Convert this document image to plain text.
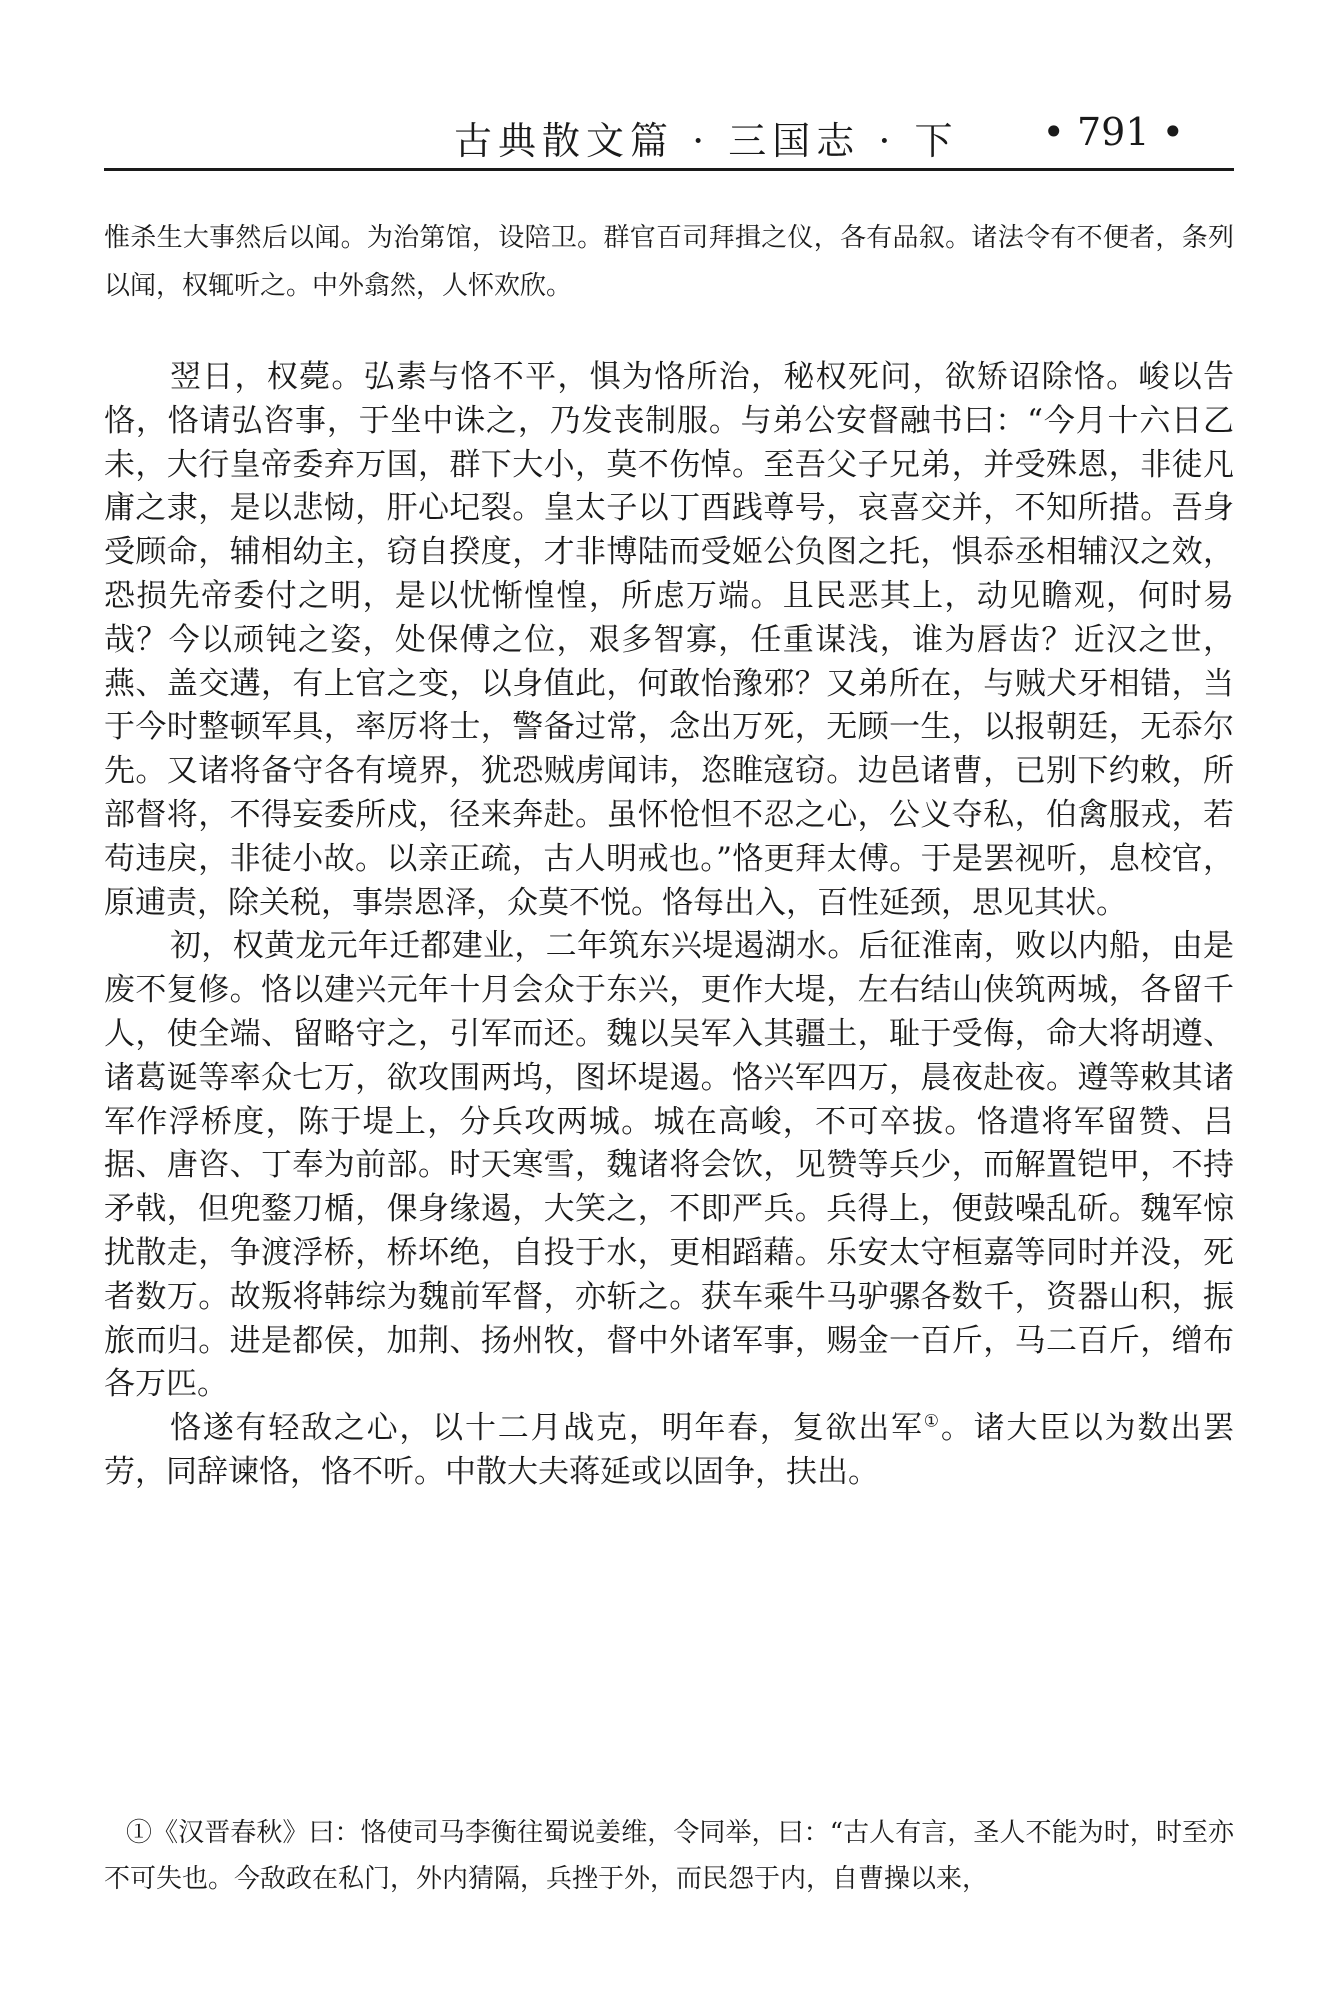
古典散文篇 · 三国志 · 下 • 791 •
惟杀生大事然后以闻。为治第馆，设陪卫。群官百司拜揖之仪，各有品叙。诸法令有不便者，条列以闻，权辄听之。中外翕然，人怀欢欣。

翌日，权薨。弘素与恪不平，惧为恪所治，秘权死问，欲矫诏除恪。峻以告恪，恪请弘咨事，于坐中诛之，乃发丧制服。与弟公安督融书曰：“今月十六日乙未，大行皇帝委弃万国，群下大小，莫不伤悼。至吾父子兄弟，并受殊恩，非徒凡庸之隶，是以悲恸，肝心圮裂。皇太子以丁酉践尊号，哀喜交并，不知所措。吾身受顾命，辅相幼主，窃自揆度，才非博陆而受姬公负图之托，惧忝丞相辅汉之效，恐损先帝委付之明，是以忧惭惶惶，所虑万端。且民恶其上，动见瞻观，何时易哉？今以顽钝之姿，处保傅之位，艰多智寡，任重谋浅，谁为唇齿？近汉之世，燕、盖交遘，有上官之变，以身值此，何敢怡豫邪？又弟所在，与贼犬牙相错，当于今时整顿军具，率厉将士，警备过常，念出万死，无顾一生，以报朝廷，无忝尔先。又诸将备守各有境界，犹恐贼虏闻讳，恣睢寇窃。边邑诸曹，已别下约敕，所部督将，不得妄委所戍，径来奔赴。虽怀怆怛不忍之心，公义夺私，伯禽服戎，若苟违戾，非徒小故。以亲正疏，古人明戒也。”恪更拜太傅。于是罢视听，息校官，原逋责，除关税，事崇恩泽，众莫不悦。恪每出入，百性延颈，思见其状。

初，权黄龙元年迁都建业，二年筑东兴堤遏湖水。后征淮南，败以内船，由是废不复修。恪以建兴元年十月会众于东兴，更作大堤，左右结山侠筑两城，各留千人，使全端、留略守之，引军而还。魏以吴军入其疆土，耻于受侮，命大将胡遵、诸葛诞等率众七万，欲攻围两坞，图坏堤遏。恪兴军四万，晨夜赴夜。遵等敕其诸军作浮桥度，陈于堤上，分兵攻两城。城在高峻，不可卒拔。恪遣将军留赞、吕据、唐咨、丁奉为前部。时天寒雪，魏诸将会饮，见赞等兵少，而解置铠甲，不持矛戟，但兜鍪刀楯，倮身缘遏，大笑之，不即严兵。兵得上，便鼓噪乱斫。魏军惊扰散走，争渡浮桥，桥坏绝，自投于水，更相蹈藉。乐安太守桓嘉等同时并没，死者数万。故叛将韩综为魏前军督，亦斩之。获车乘牛马驴骡各数千，资器山积，振旅而归。进是都侯，加荆、扬州牧，督中外诸军事，赐金一百斤，马二百斤，缯布各万匹。

恪遂有轻敌之心，以十二月战克，明年春，复欲出军①。诸大臣以为数出罢劳，同辞谏恪，恪不听。中散大夫蒋延或以固争，扶出。

①《汉晋春秋》曰：恪使司马李衡往蜀说姜维，令同举，曰：“古人有言，圣人不能为时，时至亦不可失也。今敌政在私门，外内猜隔，兵挫于外，而民怨于内，自曹操以来，
